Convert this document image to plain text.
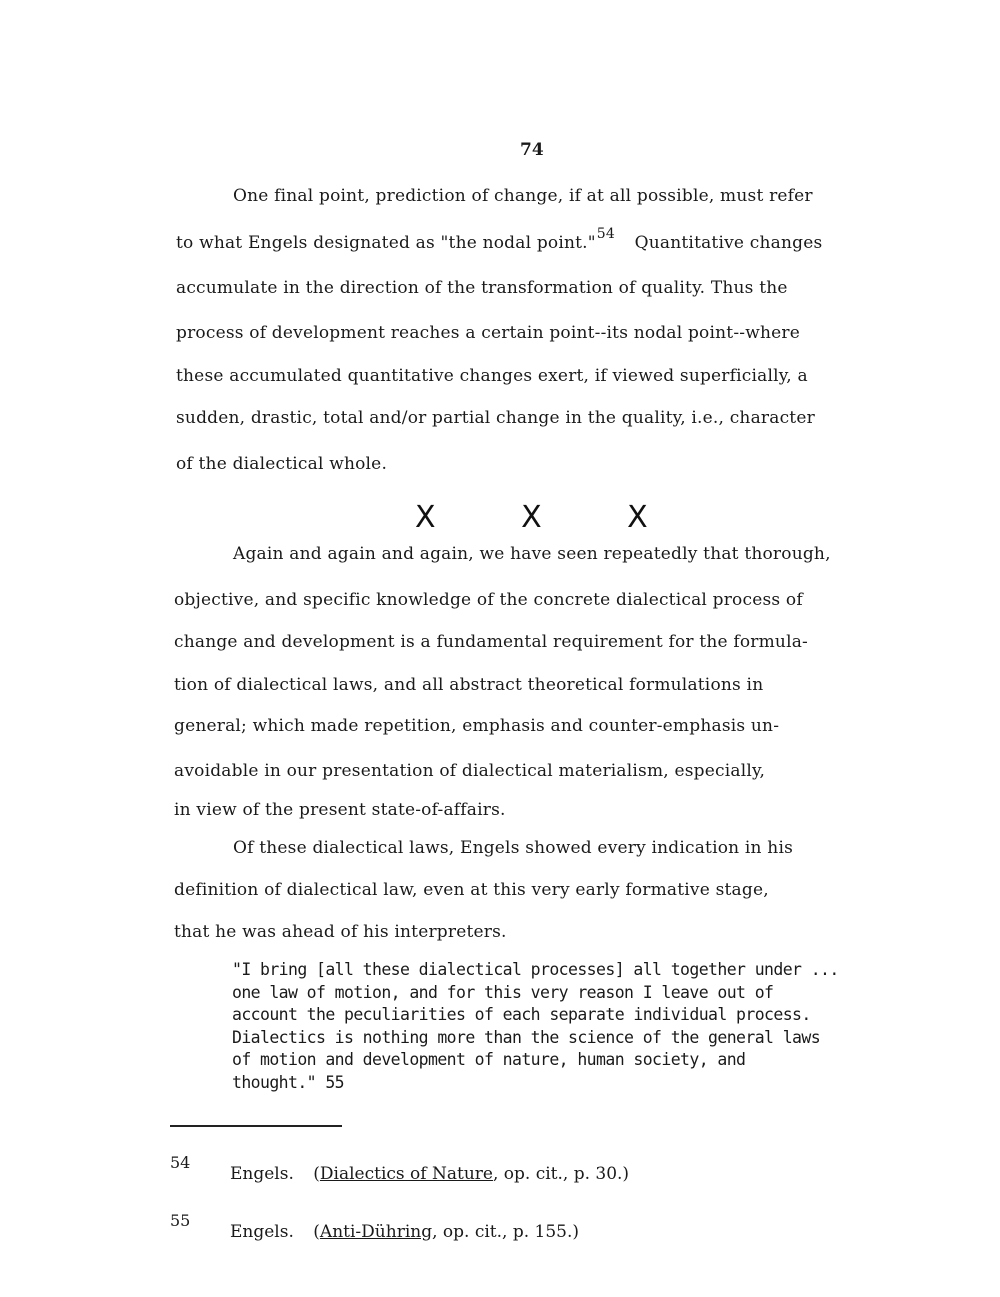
74
One final point, prediction of change, if at all possible, must refer
to what Engels designated as "the nodal point."$^{54}$ Quantitative changes
accumulate in the direction of the transformation of quality. Thus the
process of development reaches a certain point--its nodal point--where
these accumulated quantitative changes exert, if viewed superficially, a
sudden, drastic, total and/or partial change in the quality, i.e., character
of the dialectical whole.
X X X
Again and again and again, we have seen repeatedly that thorough,
objective, and specific knowledge of the concrete dialectical process of
change and development is a fundamental requirement for the formula-
tion of dialectical laws, and all abstract theoretical formulations in
general; which made repetition, emphasis and counter-emphasis un-
avoidable in our presentation of dialectical materialism, especially,
in view of the present state-of-affairs.
Of these dialectical laws, Engels showed every indication in his
definition of dialectical law, even at this very early formative stage,
that he was ahead of his interpreters.
"I bring [all these dialectical processes] all together under ...
one law of motion, and for this very reason I leave out of
account the peculiarities of each separate individual process.
Dialectics is nothing more than the science of the general laws
of motion and development of nature, human society, and
thought." 55
54
Engels. (Dialectics of Nature, op. cit., p. 30.)
55
Engels. (Anti-Dühring, op. cit., p. 155.)
